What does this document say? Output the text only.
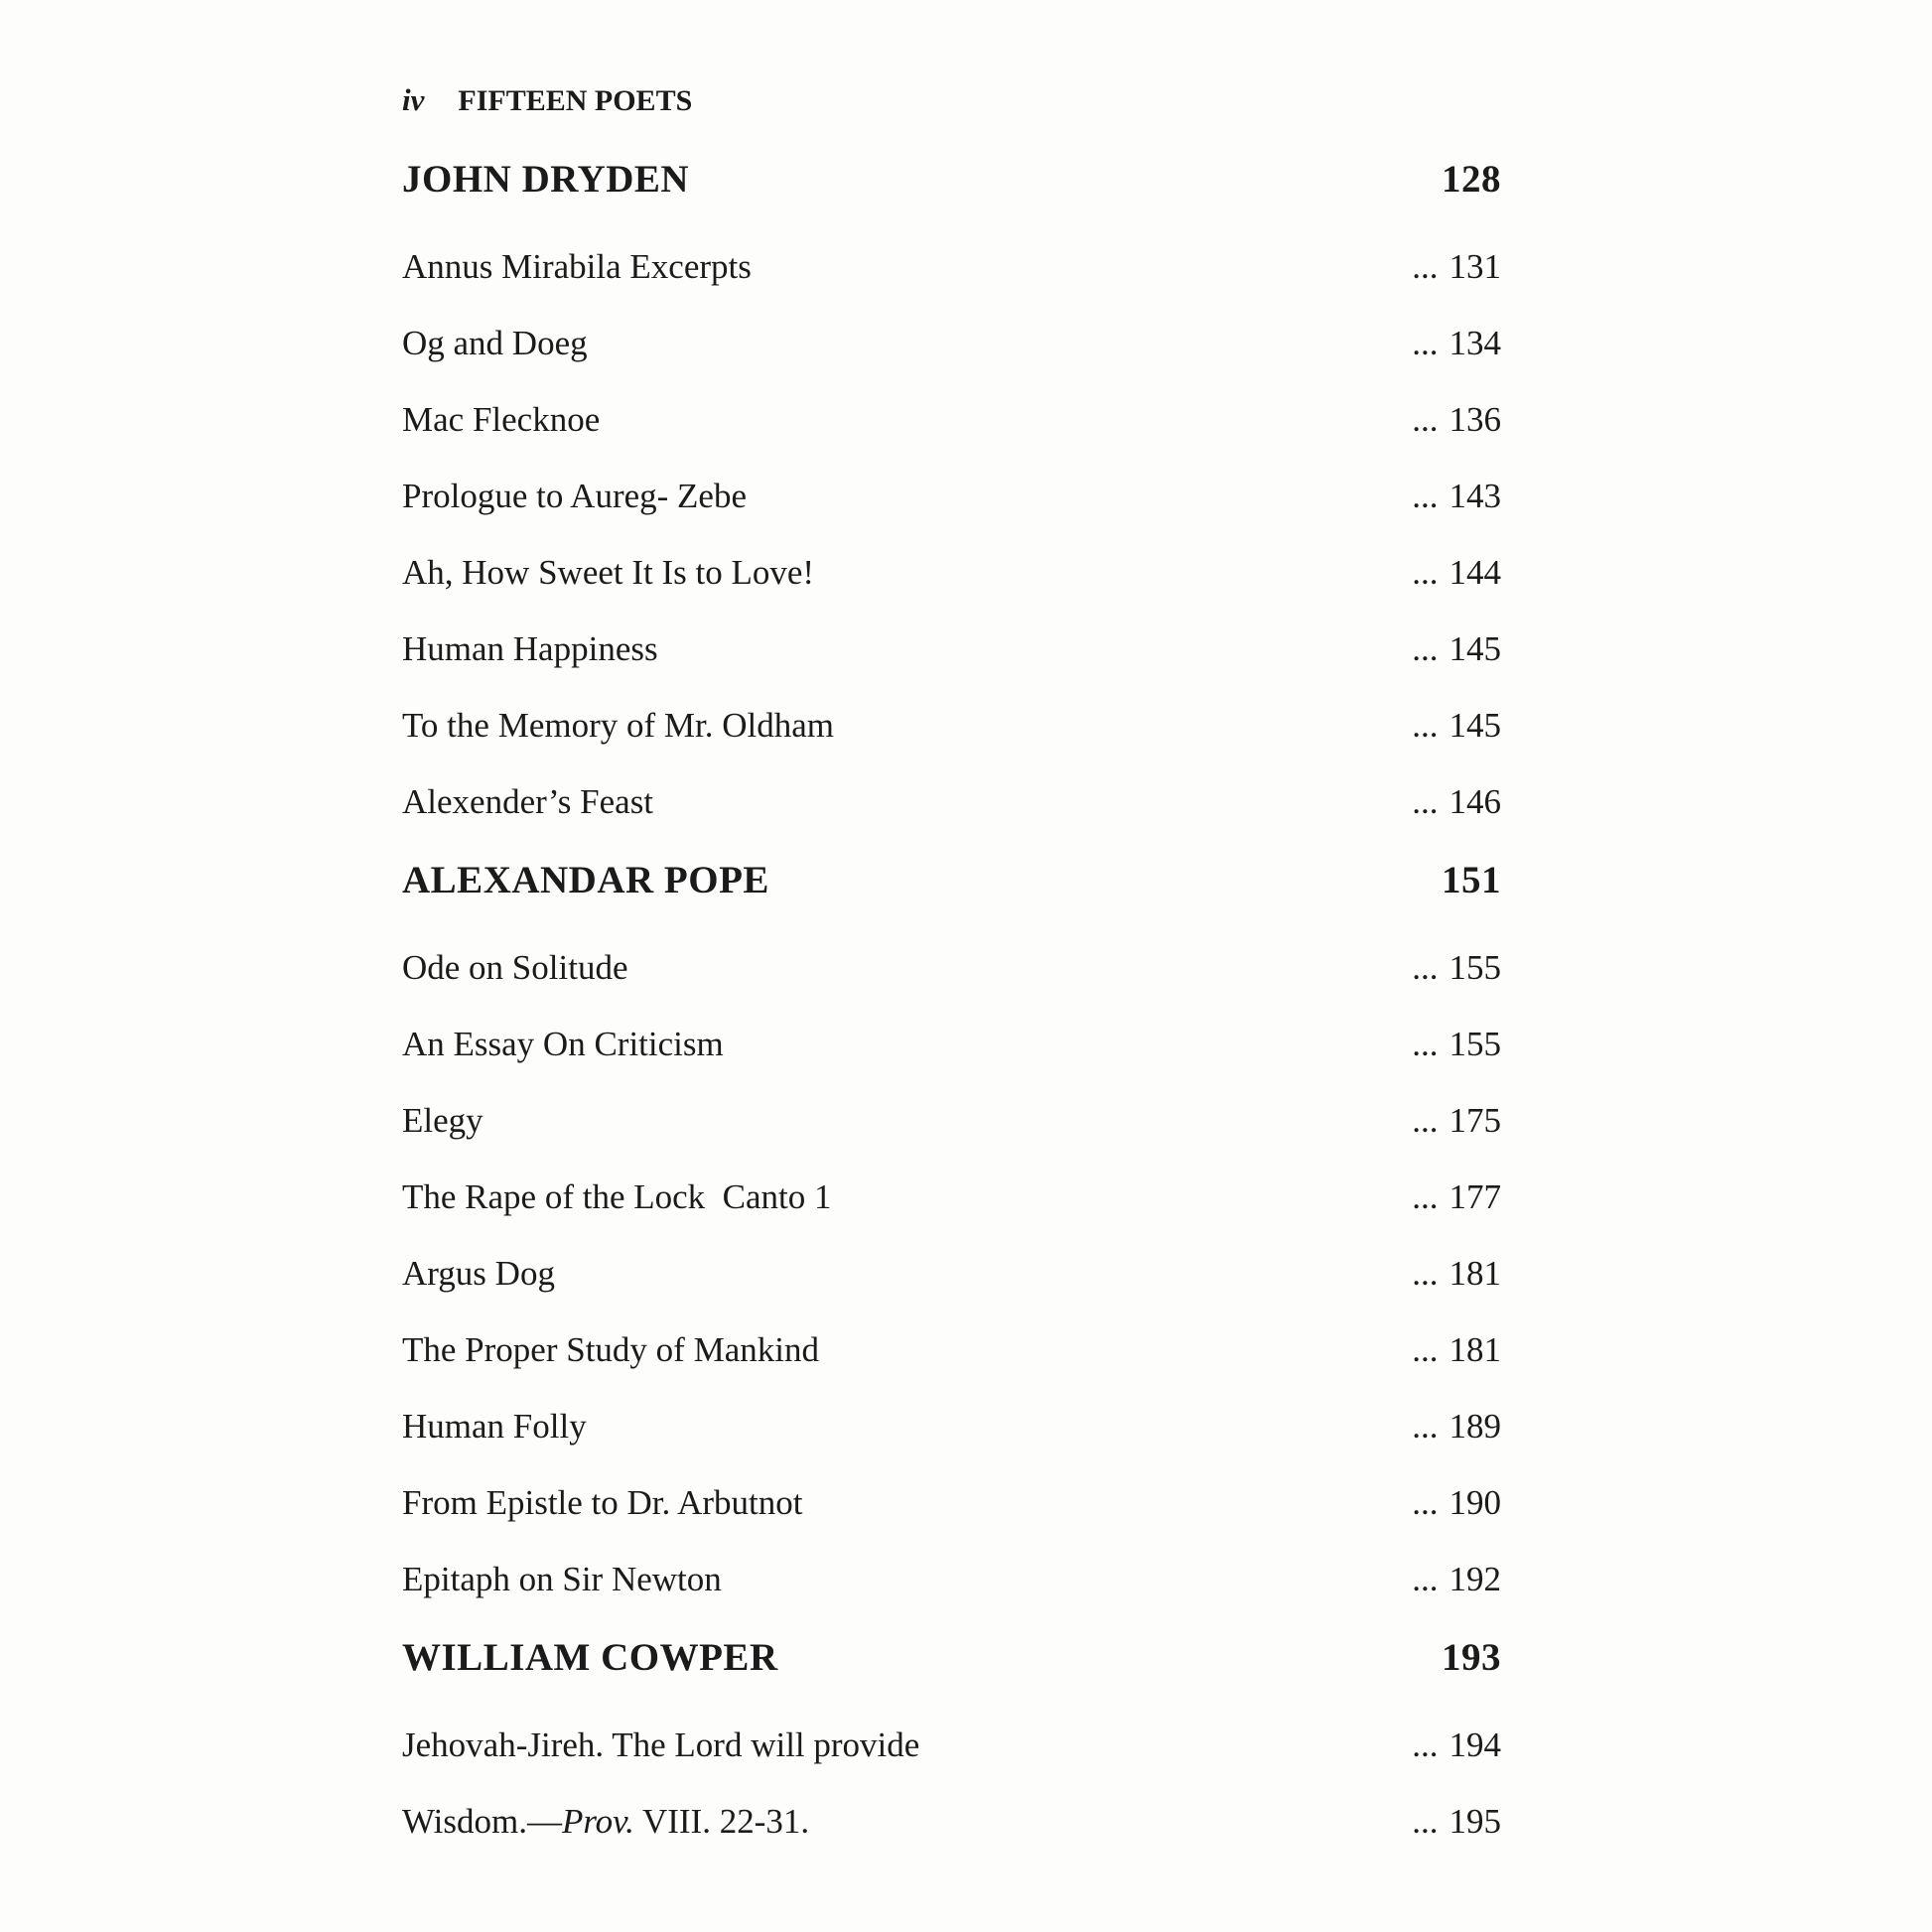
iv FIFTEEN POETS
JOHN DRYDEN	128
Annus Mirabila Excerpts	... 131
Og and Doeg	... 134
Mac Flecknoe	... 136
Prologue to Aureg- Zebe	... 143
Ah, How Sweet It Is to Love!	... 144
Human Happiness	... 145
To the Memory of Mr. Oldham	... 145
Alexender’s Feast	... 146
ALEXANDAR POPE	151
Ode on Solitude	... 155
An Essay On Criticism	... 155
Elegy	... 175
The Rape of the Lock  Canto 1	... 177
Argus Dog	... 181
The Proper Study of Mankind	... 181
Human Folly	... 189
From Epistle to Dr. Arbutnot	... 190
Epitaph on Sir Newton	... 192
WILLIAM COWPER	193
Jehovah-Jireh. The Lord will provide	... 194
Wisdom.—Prov. VIII. 22-31.	... 195
